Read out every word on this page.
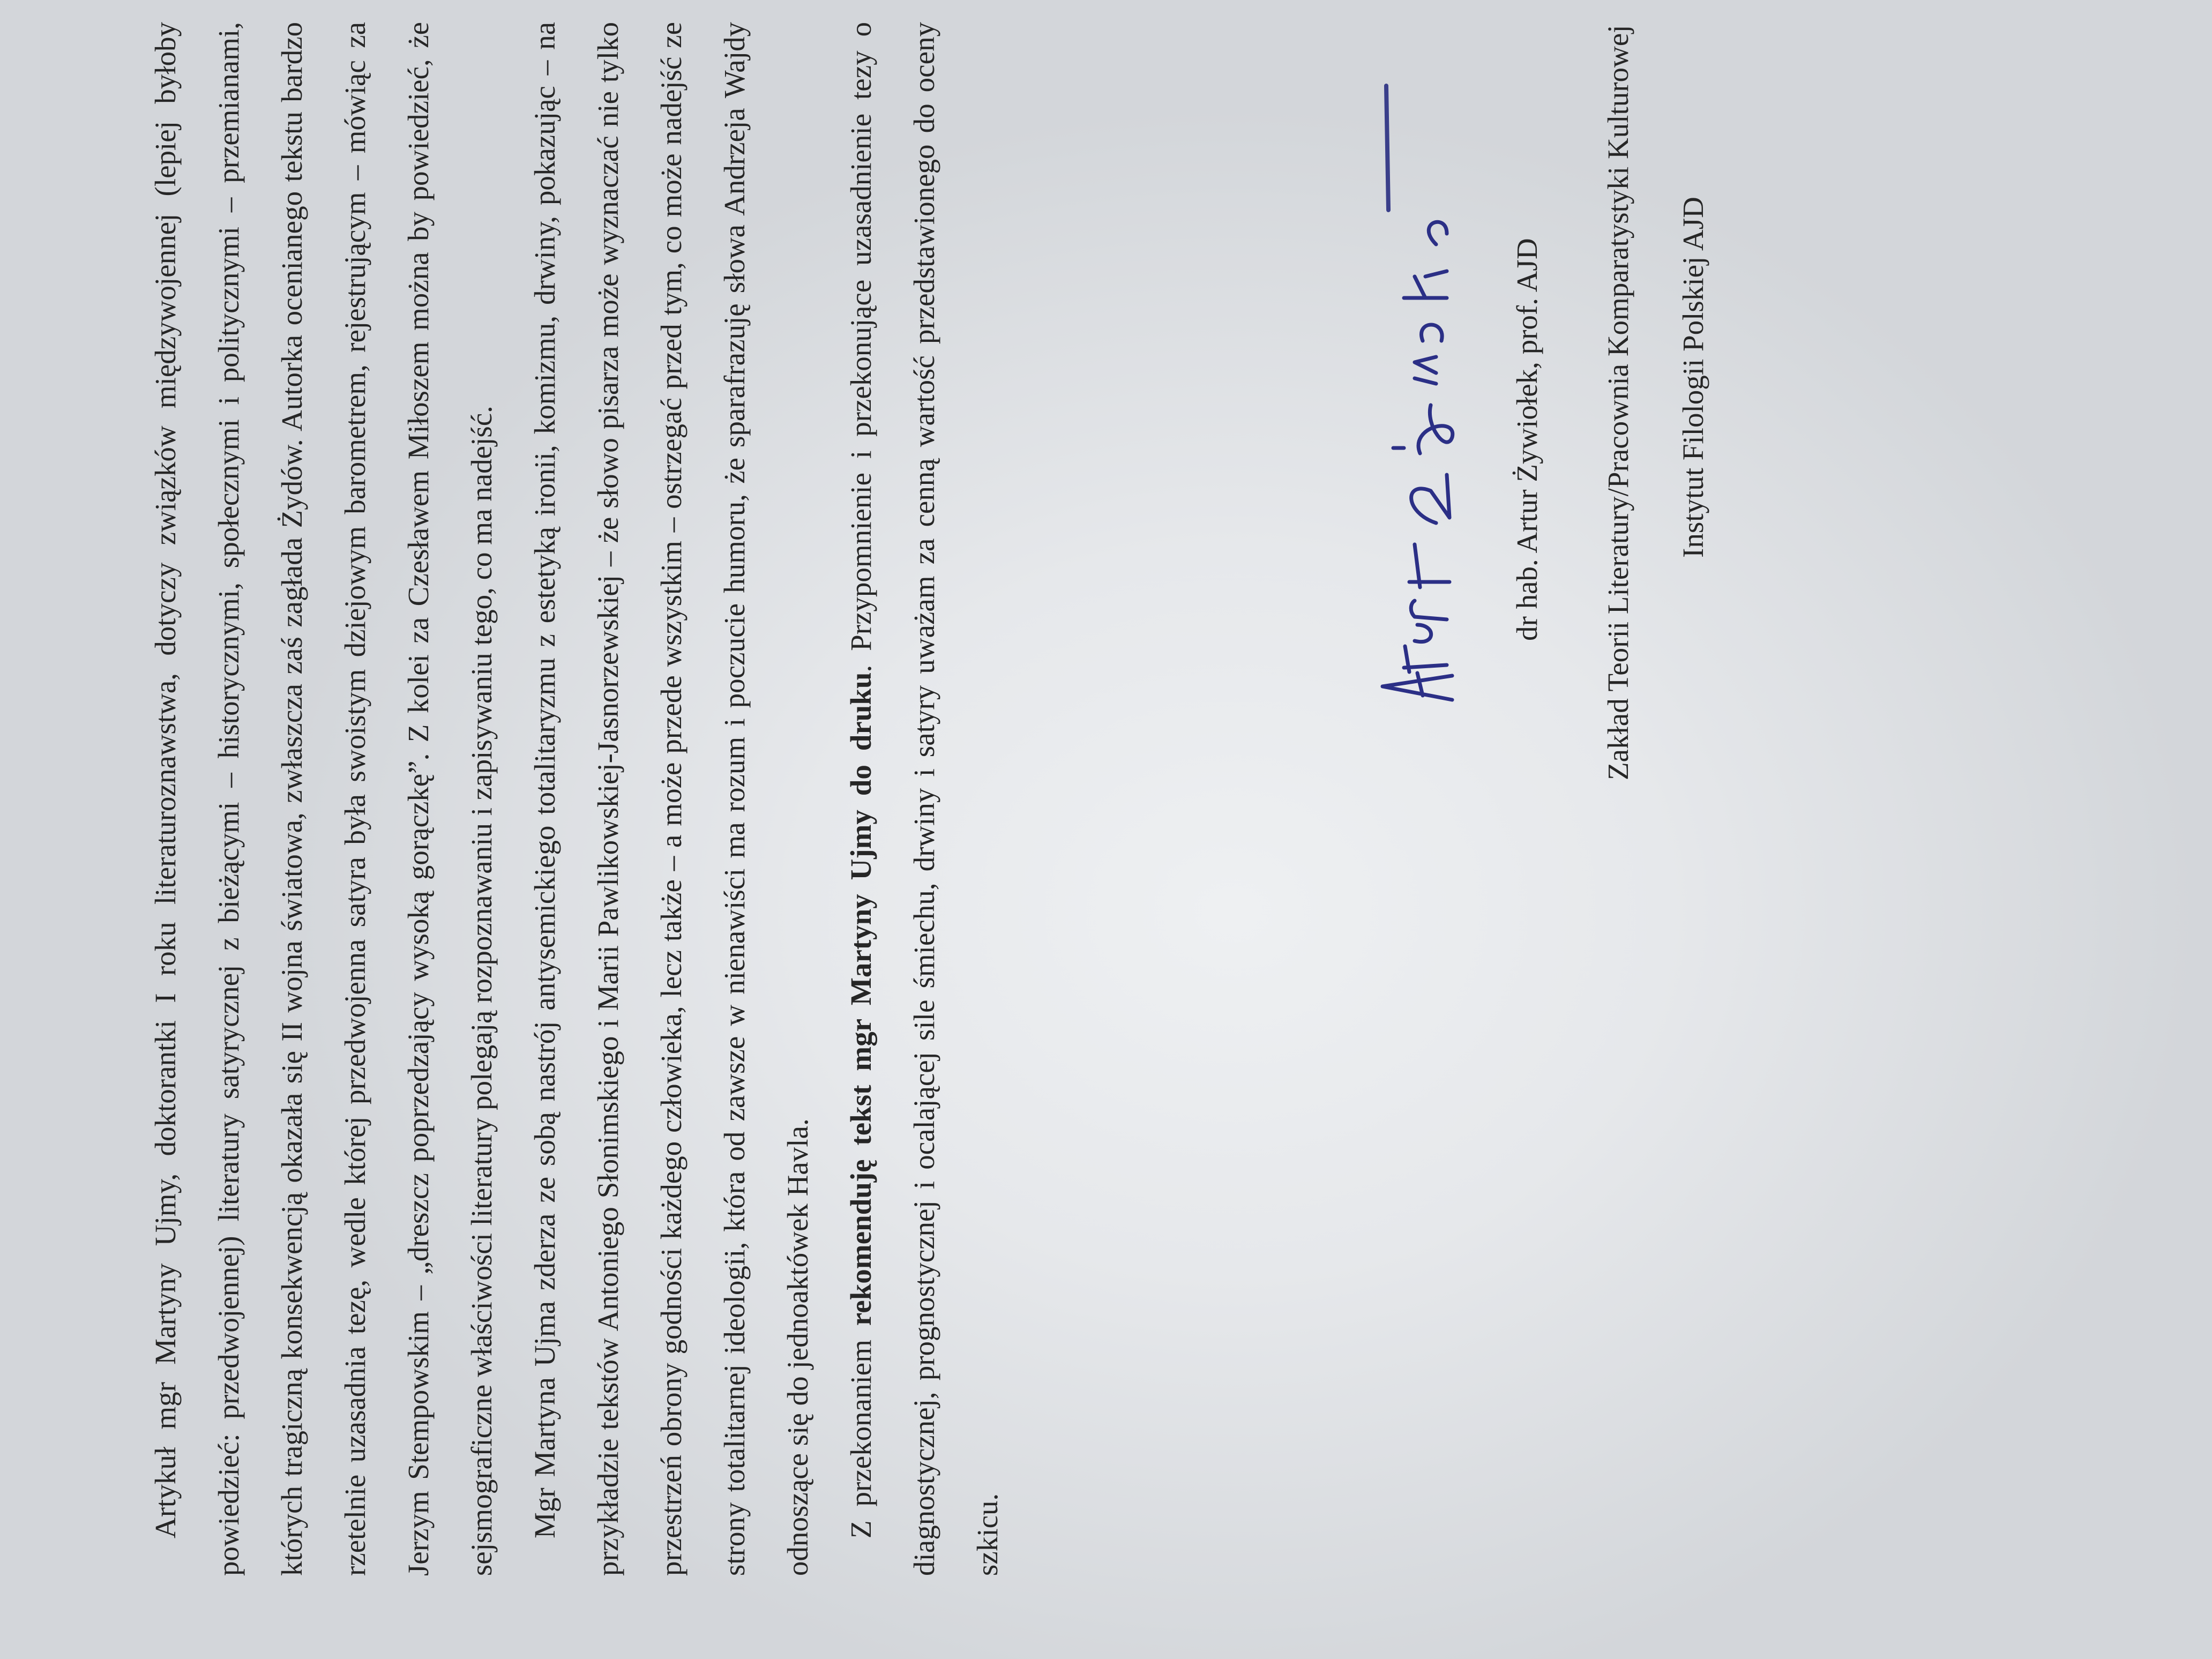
Artykuł mgr Martyny Ujmy, doktorantki I roku literaturoznawstwa, dotyczy związków międzywojennej (lepiej byłoby powiedzieć: przedwojennej) literatury satyrycznej z bieżącymi – historycznymi, społecznymi i politycznymi – przemianami, których tragiczną konsekwencją okazała się II wojna światowa, zwłaszcza zaś zagłada Żydów. Autorka ocenianego tekstu bardzo rzetelnie uzasadnia tezę, wedle której przedwojenna satyra była swoistym dziejowym barometrem, rejestrującym – mówiąc za Jerzym Stempowskim – „dreszcz poprzedzający wysoką gorączkę”. Z kolei za Czesławem Miłoszem można by powiedzieć, że sejsmograficzne właściwości literatury polegają rozpoznawaniu i zapisywaniu tego, co ma nadejść.	Mgr Martyna Ujma zderza ze sobą nastrój antysemickiego totalitaryzmu z estetyką ironii, komizmu, drwiny, pokazując – na przykładzie tekstów Antoniego Słonimskiego i Marii Pawlikowskiej-Jasnorzewskiej – że słowo pisarza może wyznaczać nie tylko przestrzeń obrony godności każdego człowieka, lecz także – a może przede wszystkim – ostrzegać przed tym, co może nadejść ze strony totalitarnej ideologii, która od zawsze w nienawiści ma rozum i poczucie humoru, że sparafrazuję słowa Andrzeja Wajdy odnoszące się do jednoaktówek Havla.	Z przekonaniem rekomenduję tekst mgr Martyny Ujmy do druku. Przypomnienie i przekonujące uzasadnienie tezy o diagnostycznej, prognostycznej i ocalającej sile śmiechu, drwiny i satyry uważam za cenną wartość przedstawionego do oceny szkicu.

dr hab. Artur Żywiołek, prof. AJD Zakład Teorii Literatury/Pracownia Komparatystyki Kulturowej Instytut Filologii Polskiej AJD
